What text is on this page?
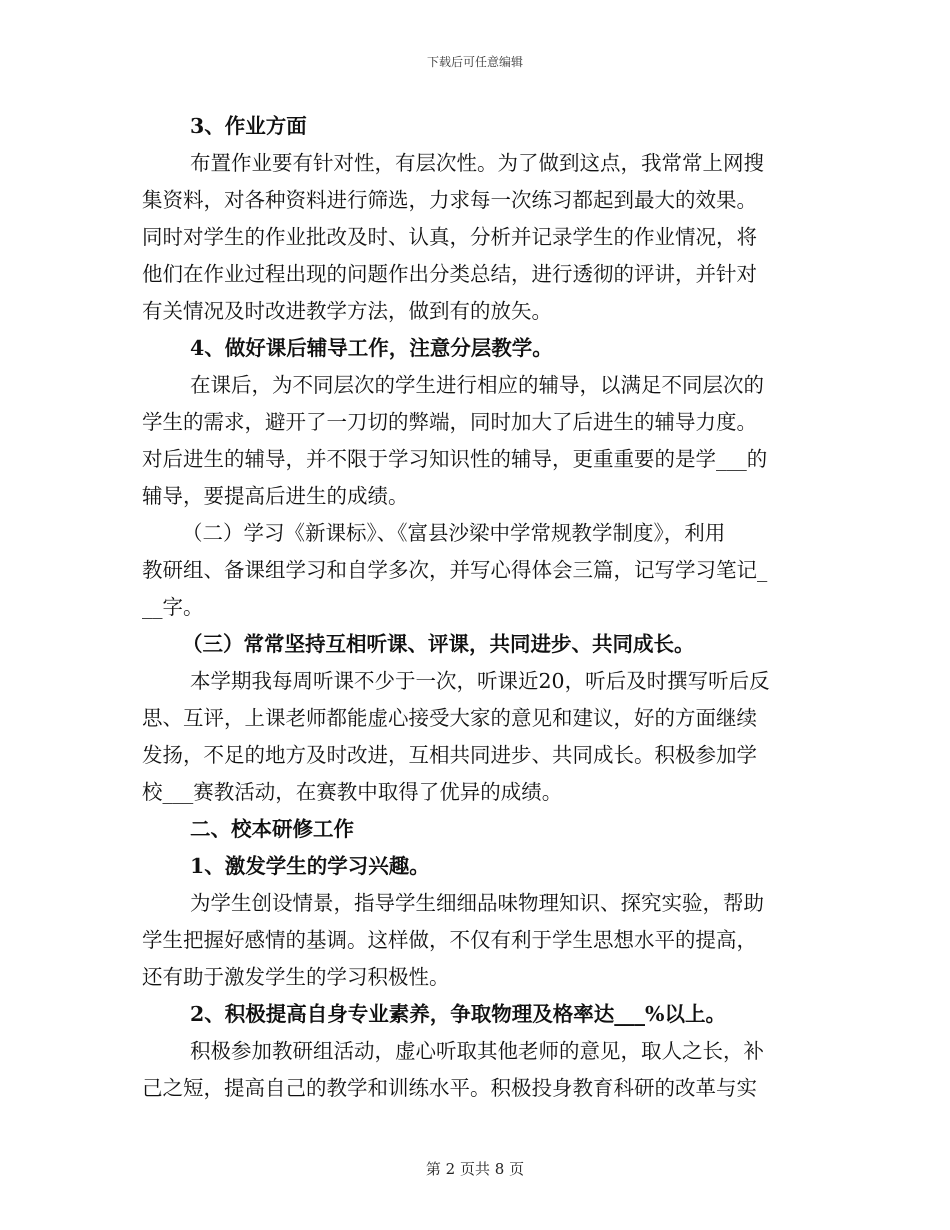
下载后可任意编辑
3、作业方面
布置作业要有针对性，有层次性。为了做到这点，我常常上网搜
集资料，对各种资料进行筛选，力求每一次练习都起到最大的效果。
同时对学生的作业批改及时、认真，分析并记录学生的作业情况，将
他们在作业过程出现的问题作出分类总结，进行透彻的评讲，并针对
有关情况及时改进教学方法，做到有的放矢。
4、做好课后辅导工作，注意分层教学。
在课后，为不同层次的学生进行相应的辅导，以满足不同层次的
学生的需求，避开了一刀切的弊端，同时加大了后进生的辅导力度。
对后进生的辅导，并不限于学习知识性的辅导，更重重要的是学___的
辅导，要提高后进生的成绩。
（二）学习《新课标》、《富县沙梁中学常规教学制度》，利用
教研组、备课组学习和自学多次，并写心得体会三篇，记写学习笔记_
__字。
（三）常常坚持互相听课、评课，共同进步、共同成长。
本学期我每周听课不少于一次，听课近20，听后及时撰写听后反
思、互评，上课老师都能虚心接受大家的意见和建议，好的方面继续
发扬，不足的地方及时改进，互相共同进步、共同成长。积极参加学
校___赛教活动，在赛教中取得了优异的成绩。
二、校本研修工作
1、激发学生的学习兴趣。
为学生创设情景，指导学生细细品味物理知识、探究实验，帮助
学生把握好感情的基调。这样做，不仅有利于学生思想水平的提高，
还有助于激发学生的学习积极性。
2、积极提高自身专业素养，争取物理及格率达___%以上。
积极参加教研组活动，虚心听取其他老师的意见，取人之长，补
己之短，提高自己的教学和训练水平。积极投身教育科研的改革与实
第 2 页共 8 页
